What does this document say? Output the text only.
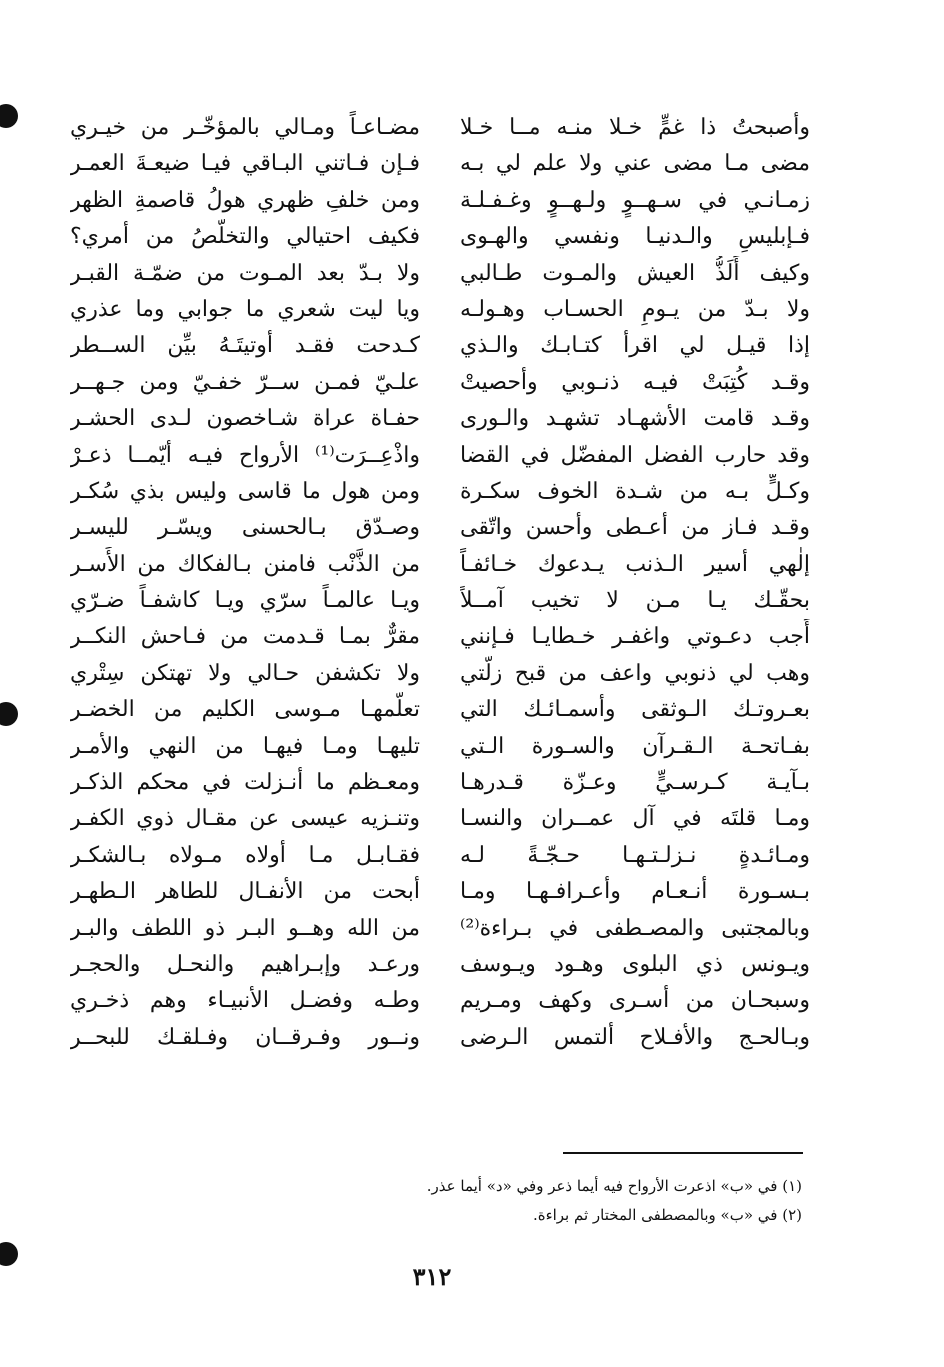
مضـاعـاً ومـالي بالمؤخّـر من خيـري
فـإن فـاتني البـاقي فيـا ضيعـةَ العمـر
ومن خلفِ ظهري هولُ قاصمةِ الظهر
فكيف احتيالي والتخلّصُ من أمري؟
ولا بـدّ بعد المـوت من ضمّـة القبـر
ويا ليت شعري ما جوابي وما عذري
كـدحت فقـد أوتيتَـهُ بيِّن الســطر
علـيّ فمـن ســرّ خفـيّ ومن جـهــر
حفـاة عراة شـاخصون لـدى الحشـر
واذْعِــرَت⁽¹⁾ الأرواح فيـه أيّمــا ذعـرْ
ومن هول ما قاسى وليس بذي سُكـر
وصـدّق بـالحسنى ويسّـر لليسـر
من الذَّنْب فامنن بـالفكاك من الأَسـر
ويـا عالمـاً سرّي ويـا كاشفـاً ضـرّي
مقرٌّ بمـا قـدمت من فـاحش النكــر
ولا تكشفن حـالي ولا تهتكن سِتْري
تعلّمهـا مـوسى الكليم من الخضـر
تليهـا ومـا فيهـا من النهي والأمـر
ومعـظم ما أنـزلت في محكم الذكـر
وتنـزيه عيسى عن مقـال ذوي الكفـر
فقـابـل مـا أولاه مـولاه بـالشكـر
أبحت من الأنفـال للطاهر الـطهـر
من الله وهــو البـر ذو اللطف والبـر
ورعـد وإبـراهيم والنحـل والحجـر
وطـه وفضـل الأنبيـاء وهم ذخـري
ونــور وفـرقــان وفـلقـك للبحــر
وأصبحتُ ذا غمٍّ خـلا منـه مــا خـلا
مضى مـا مضى عني ولا علم لي بـه
زمـانـي في سـهــوٍ ولـهــوٍ وغـفـلـة
فـإبليسِ والـدنيـا ونفسي والهـوى
وكيف أَلَذُّ العيش والمـوت طـالبي
ولا بـدّ من يـومِ الحسـاب وهـولـه
إذا قيـل لي اقرأ كتـابـك والـذي
وقـد كُتِبَتْ فيـه ذنـوبي وأحصيتْ
وقـد قامت الأشهـاد تشهـد والـورى
وقد حارب الفضل المفضّل في القضا
وكـلٍّ بـه من شـدة الخوف سكـرة
وقـد فـاز من أعـطى وأحسن واتّقى
إلٰهي أسير الـذنب يـدعوك خـائفـاً
بحقّـك يـا مـن لا تخيب آمــلاً
أَجب دعـوتي واغفـر خـطايـا فـإنني
وهب لي ذنوبي واعف من قبح زلّتي
بعـروتـك الـوثقى وأسمـائـك التي
بفـاتحـة الـقـرآن والسـورة الـتي
بـآيـة كـرسـيٍّ وعـزّة قـدرهـا
ومـا قلتَه في آل عمــران والنسـا
ومـائـدةٍ نـزلـتـهـا حـجّـةً لـه
بـسـورة أنـعـام وأعـرافـهـا ومـا
وبالمجتبى والمصـطفى في بـراءة⁽²⁾
ويـونس ذي البلوى وهـود ويـوسف
وسبحـان من أسـرى وكهف ومـريم
وبـالحـج والأفـلاح ألتمس الـرضى
(١) في «ب» اذعرت الأرواح فيه أيما ذعر وفي «د» أيما عذر.
(٢) في «ب» وبالمصطفى المختار ثم براءة.
٣١٢
